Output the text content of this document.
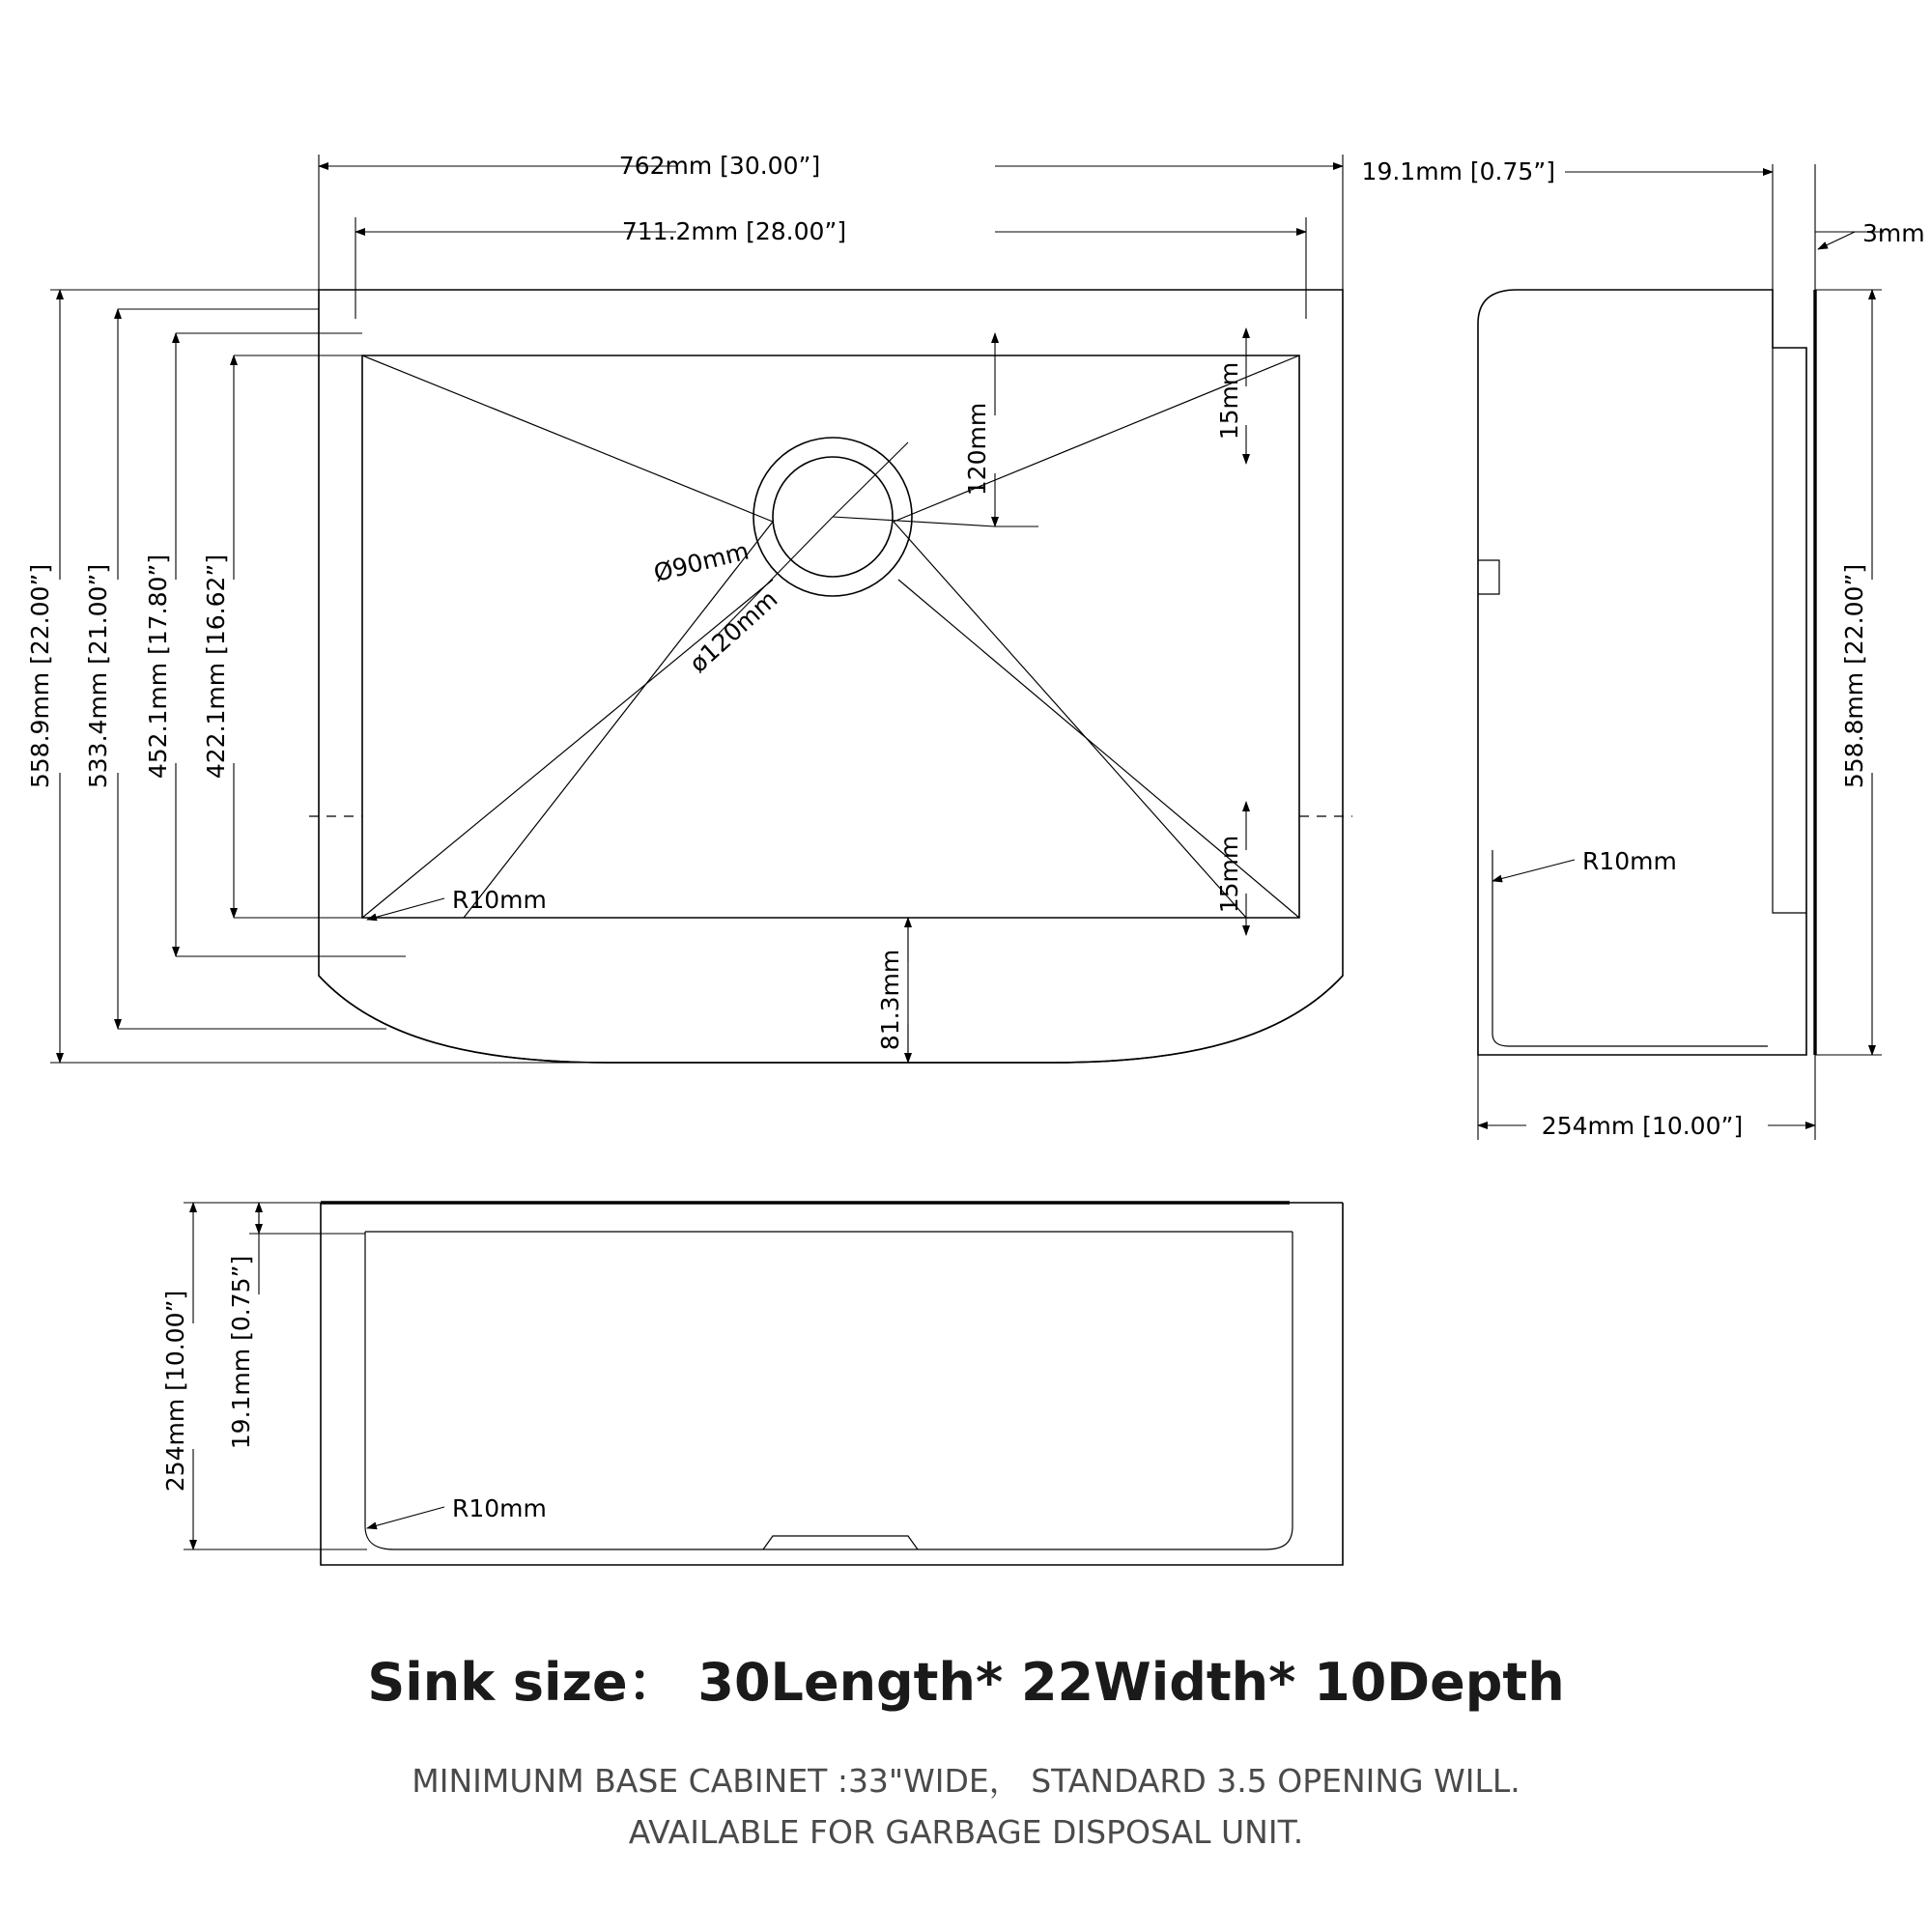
762mm [30.00”]
711.2mm [28.00”]
558.9mm [22.00”] 533.4mm [21.00”] 452.1mm [17.80”] 422.1mm [16.62”]
120mm
15mm
15mm
Ø90mm
ø120mm
R10mm
81.3mm
19.1mm [0.75”]
3mm
558.8mm [22.00”]
R10mm
254mm [10.00”]
254mm [10.00”] 19.1mm [0.75”]
R10mm
Sink size： 30Length* 22Width* 10Depth
MINIMUNM BASE CABINET :33"WIDE， STANDARD 3.5 OPENING WILL.
AVAILABLE FOR GARBAGE DISPOSAL UNIT.
